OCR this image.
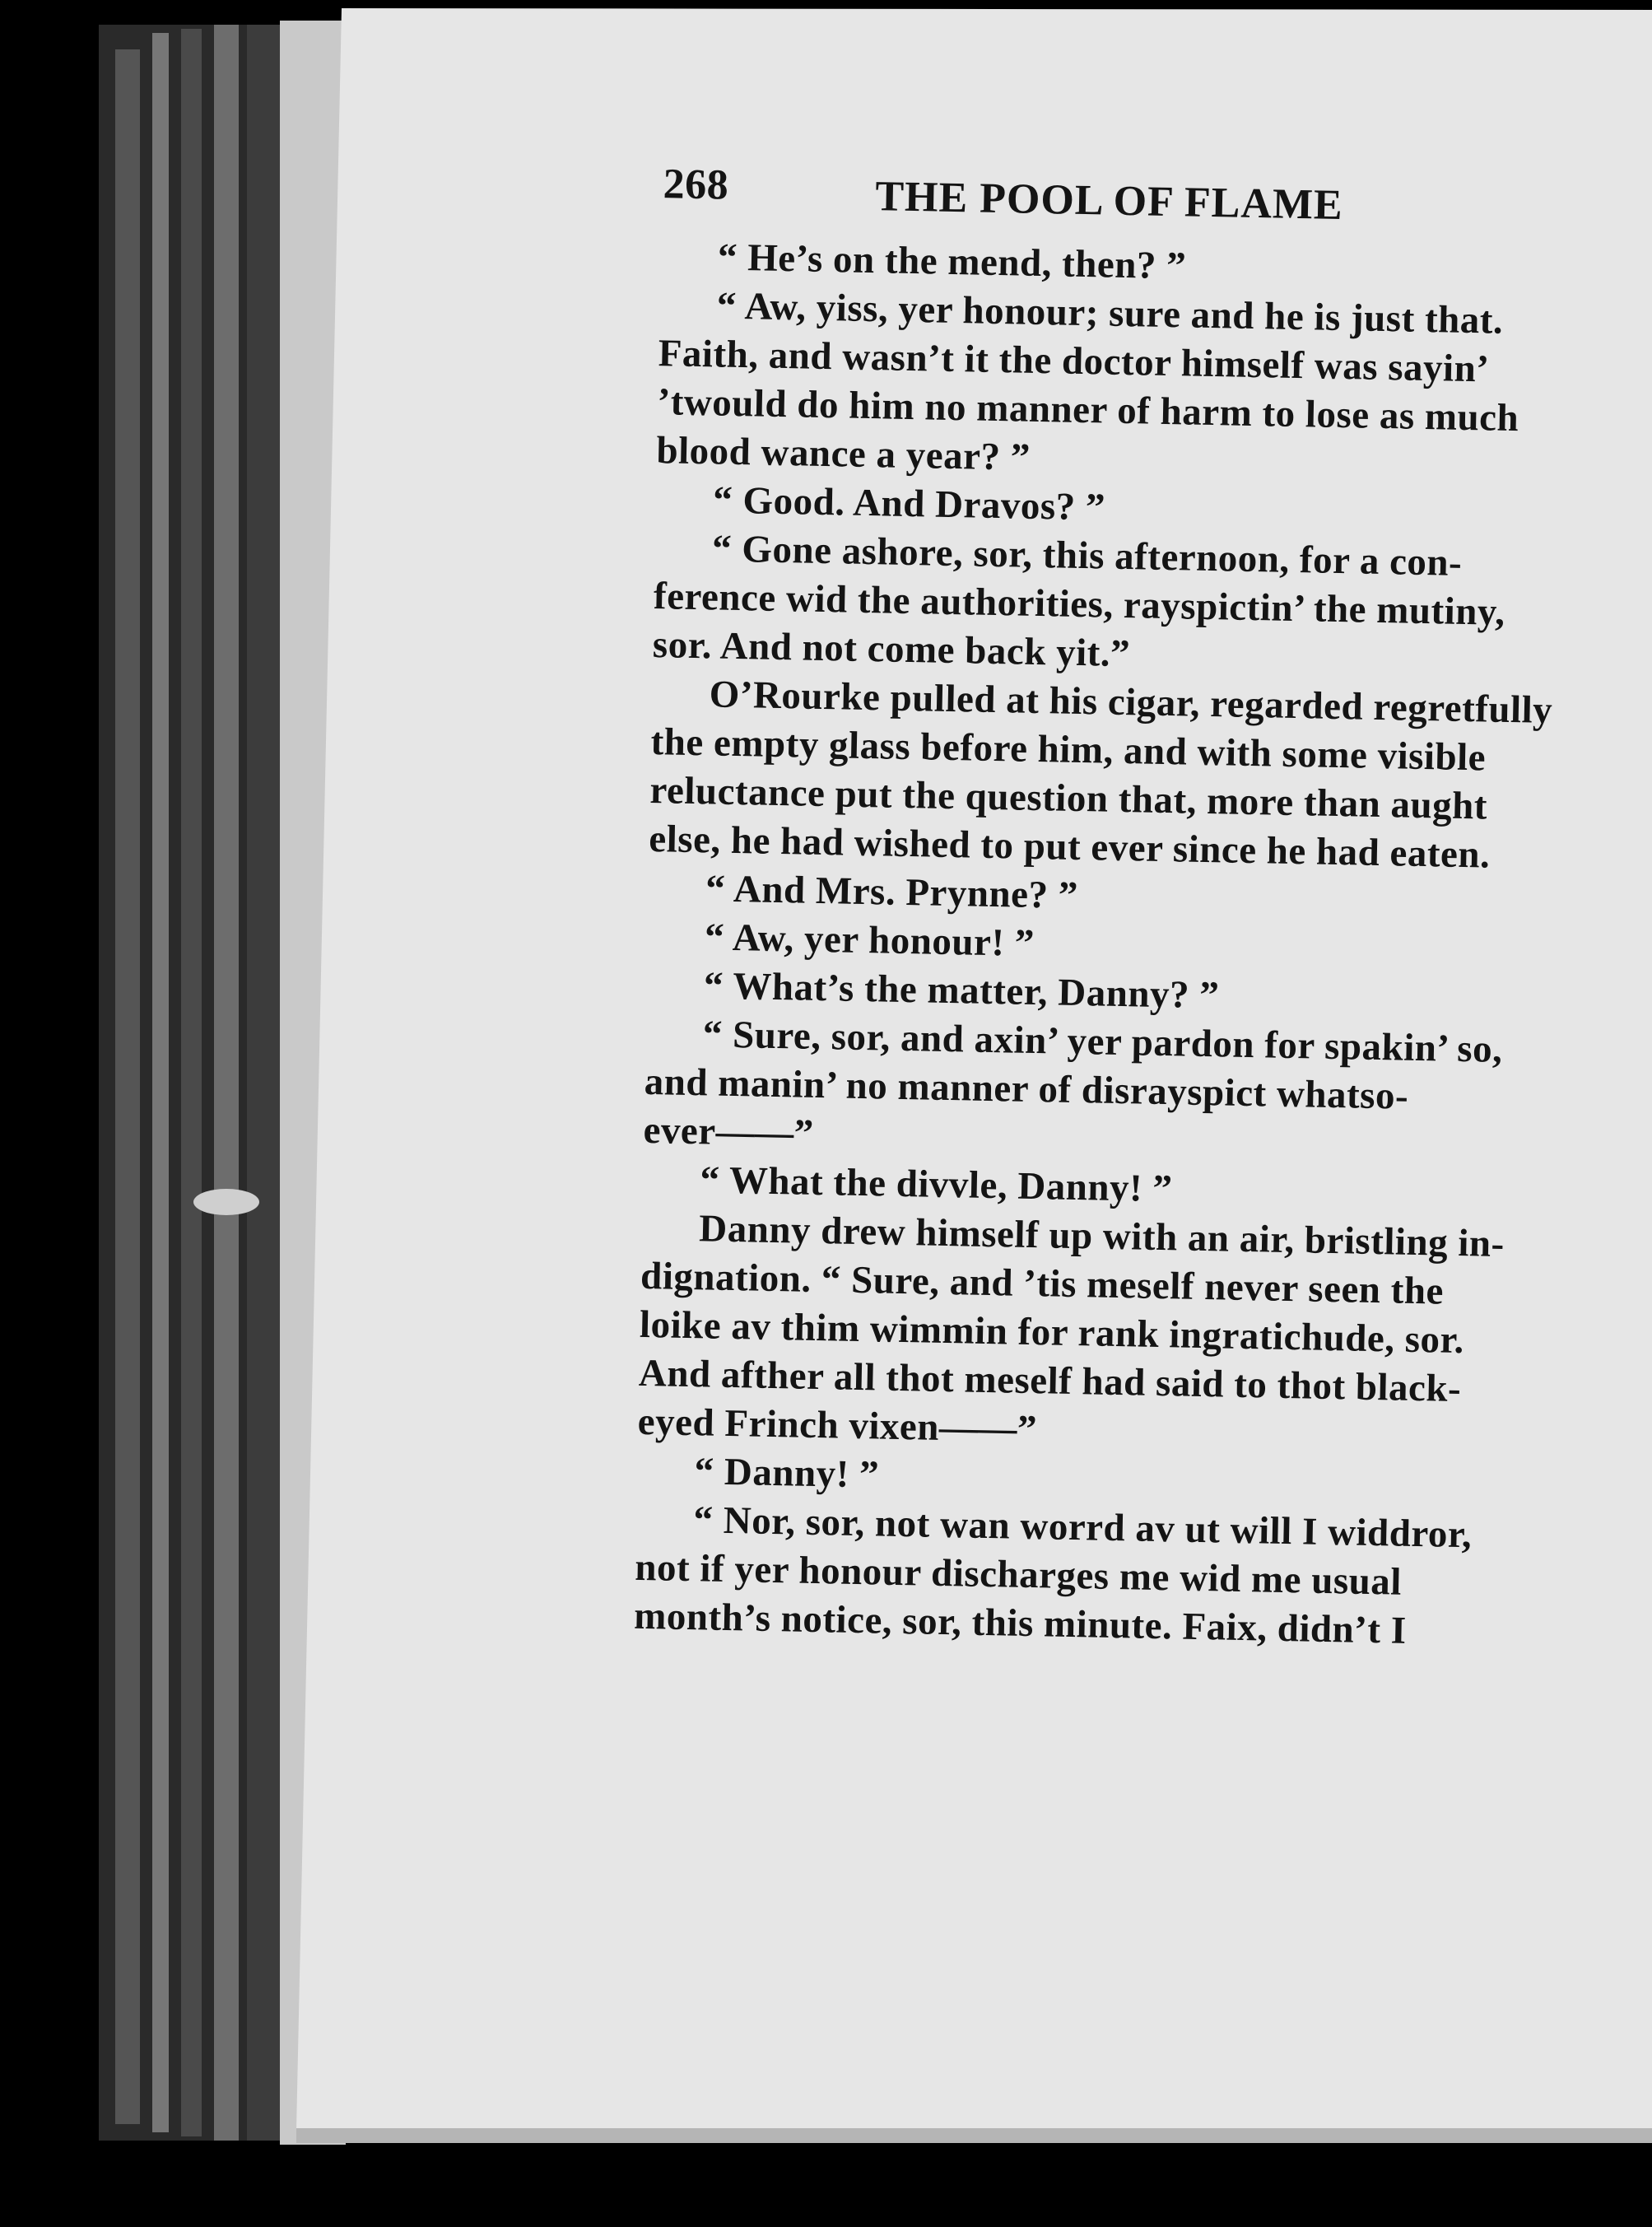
268	THE POOL OF FLAME
“ He’s on the mend, then? ”
“ Aw, yiss, yer honour; sure and he is just that.
Faith, and wasn’t it the doctor himself was sayin’
’twould do him no manner of harm to lose as much
blood wance a year? ”
“ Good. And Dravos? ”
“ Gone ashore, sor, this afternoon, for a con-
ference wid the authorities, rayspictin’ the mutiny,
sor. And not come back yit.”
O’Rourke pulled at his cigar, regarded regretfully
the empty glass before him, and with some visible
reluctance put the question that, more than aught
else, he had wished to put ever since he had eaten.
“ And Mrs. Prynne? ”
“ Aw, yer honour! ”
“ What’s the matter, Danny? ”
“ Sure, sor, and axin’ yer pardon for spakin’ so,
and manin’ no manner of disrayspict whatso-
ever——”
“ What the divvle, Danny! ”
Danny drew himself up with an air, bristling in-
dignation. “ Sure, and ’tis meself never seen the
loike av thim wimmin for rank ingratichude, sor.
And afther all thot meself had said to thot black-
eyed Frinch vixen——”
“ Danny! ”
“ Nor, sor, not wan worrd av ut will I widdror,
not if yer honour discharges me wid me usual
month’s notice, sor, this minute. Faix, didn’t I
